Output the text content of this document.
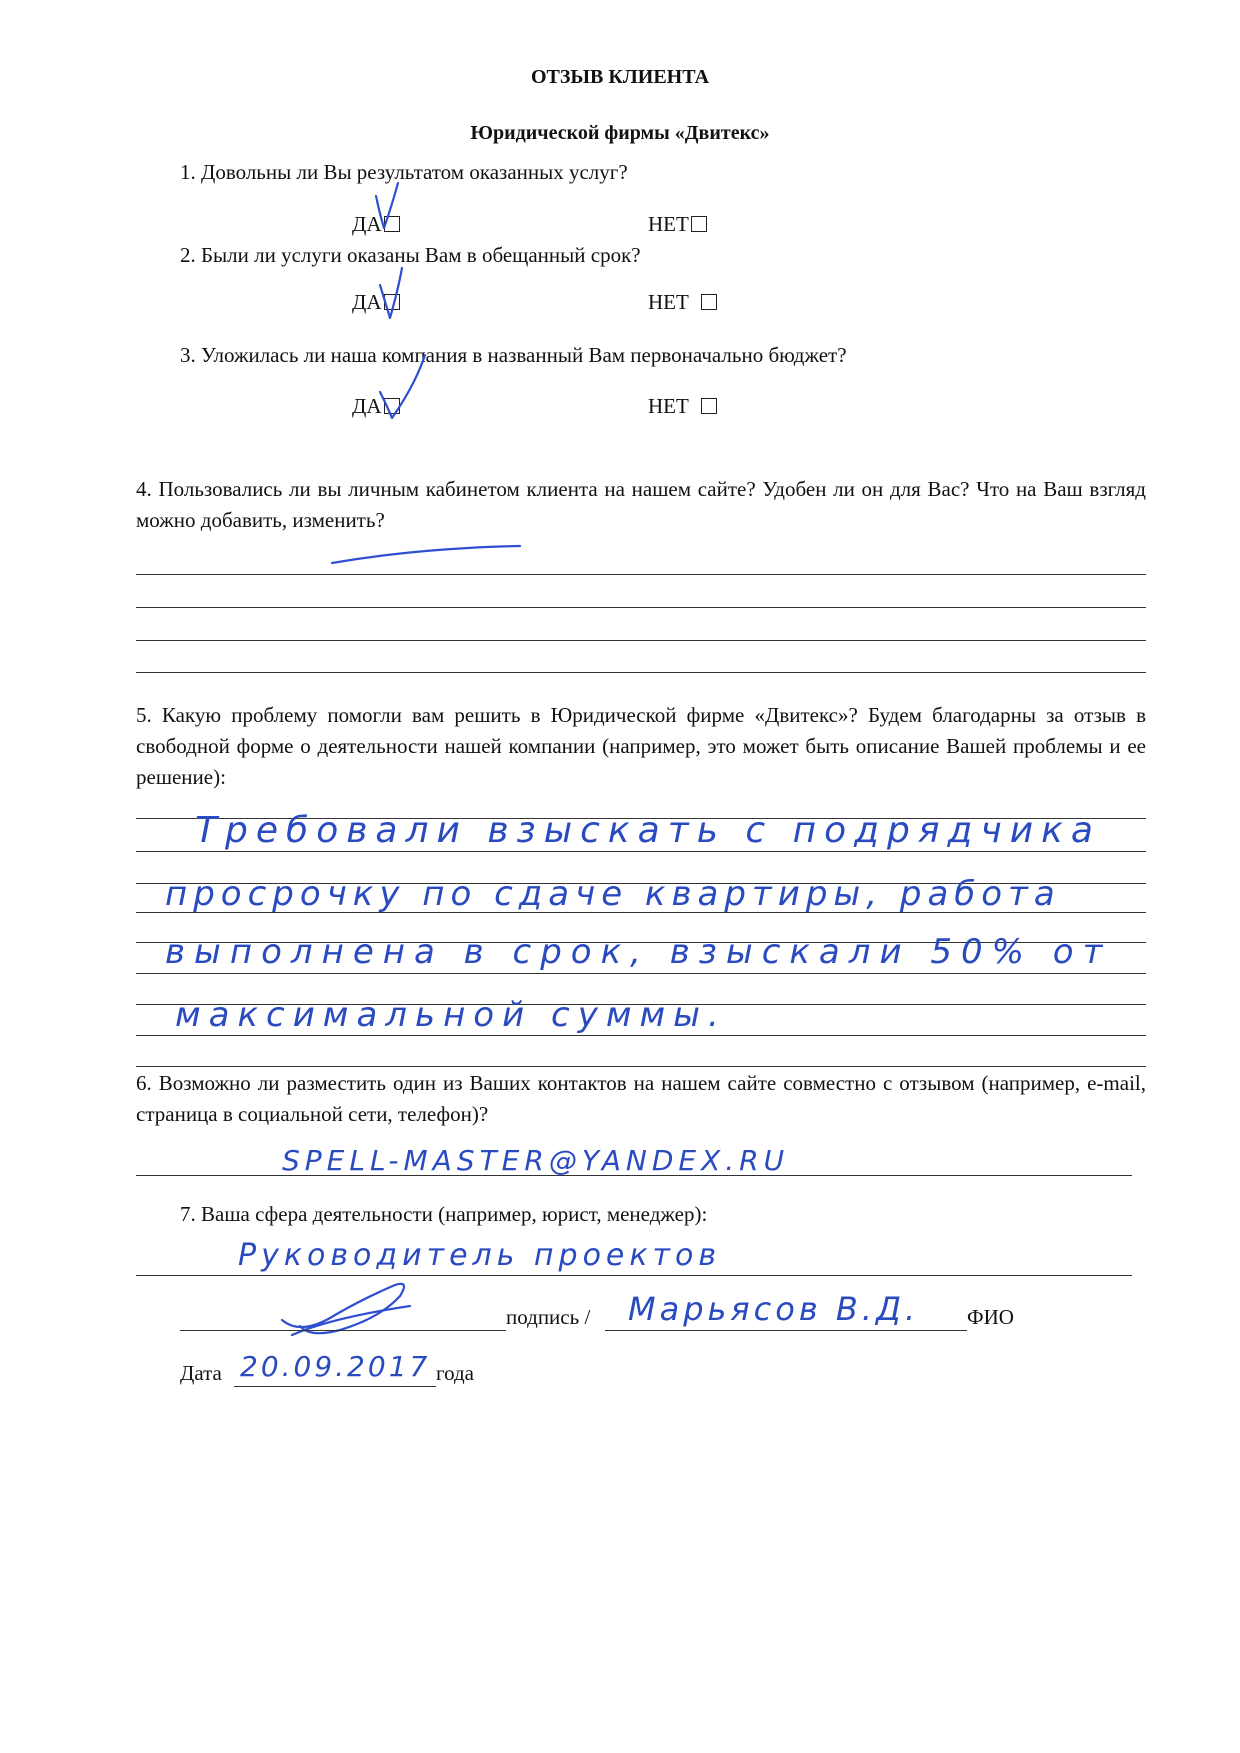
ОТЗЫВ КЛИЕНТА
Юридической фирмы «Двитекс»
1. Довольны ли Вы результатом оказанных услуг?
ДА	НЕТ
2. Были ли услуги оказаны Вам в обещанный срок?
ДА	НЕТ
3. Уложилась ли наша компания в названный Вам первоначально бюджет?
ДА	НЕТ
4. Пользовались ли вы личным кабинетом клиента на нашем сайте? Удобен ли он для Вас? Что на Ваш взгляд можно добавить, изменить?
5. Какую проблему помогли вам решить в Юридической фирме «Двитекс»? Будем благодарны за отзыв в свободной форме о деятельности нашей компании (например, это может быть описание Вашей проблемы и ее решение):
Требовали взыскать с подрядчика
просрочку по сдаче квартиры, работа
выполнена в срок, взыскали 50% от
максимальной суммы.
6. Возможно ли разместить один из Ваших контактов на нашем сайте совместно с отзывом (например, e-mail, страница в социальной сети, телефон)?
SPELL-MASTER@YANDEX.RU
7. Ваша сфера деятельности (например, юрист, менеджер):
Руководитель проектов
подпись / Марьясов В.Д. ФИО
Дата 20.09.2017 года
